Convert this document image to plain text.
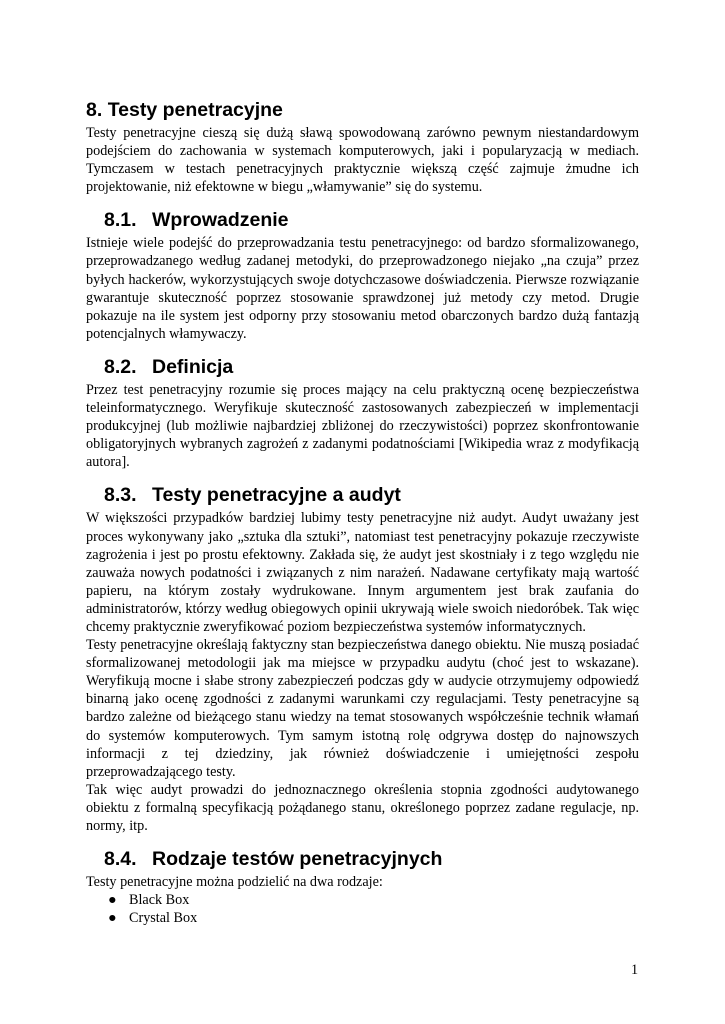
8. Testy penetracyjne

Testy penetracyjne cieszą się dużą sławą spowodowaną zarówno pewnym niestandardowym podejściem do zachowania w systemach komputerowych, jaki i popularyzacją w mediach. Tymczasem w testach penetracyjnych praktycznie większą część zajmuje żmudne ich projektowanie, niż efektowne w biegu „włamywanie” się do systemu.

8.1. Wprowadzenie

Istnieje wiele podejść do przeprowadzania testu penetracyjnego: od bardzo sformalizowanego, przeprowadzanego według zadanej metodyki, do przeprowadzonego niejako „na czuja” przez byłych hackerów, wykorzystujących swoje dotychczasowe doświadczenia. Pierwsze rozwiązanie gwarantuje skuteczność poprzez stosowanie sprawdzonej już metody czy metod. Drugie pokazuje na ile system jest odporny przy stosowaniu metod obarczonych bardzo dużą fantazją potencjalnych włamywaczy.

8.2. Definicja

Przez test penetracyjny rozumie się proces mający na celu praktyczną ocenę bezpieczeństwa teleinformatycznego. Weryfikuje skuteczność zastosowanych zabezpieczeń w implementacji produkcyjnej (lub możliwie najbardziej zbliżonej do rzeczywistości) poprzez skonfrontowanie obligatoryjnych wybranych zagrożeń z zadanymi podatnościami [Wikipedia wraz z modyfikacją autora].

8.3. Testy penetracyjne a audyt

W większości przypadków bardziej lubimy testy penetracyjne niż audyt. Audyt uważany jest proces wykonywany jako „sztuka dla sztuki”, natomiast test penetracyjny pokazuje rzeczywiste zagrożenia i jest po prostu efektowny. Zakłada się, że audyt jest skostniały i z tego względu nie zauważa nowych podatności i związanych z nim narażeń. Nadawane certyfikaty mają wartość papieru, na którym zostały wydrukowane. Innym argumentem jest brak zaufania do administratorów, którzy według obiegowych opinii ukrywają wiele swoich niedoróbek. Tak więc chcemy praktycznie zweryfikować poziom bezpieczeństwa systemów informatycznych.

Testy penetracyjne określają faktyczny stan bezpieczeństwa danego obiektu. Nie muszą posiadać sformalizowanej metodologii jak ma miejsce w przypadku audytu (choć jest to wskazane). Weryfikują mocne i słabe strony zabezpieczeń podczas gdy w audycie otrzymujemy odpowiedź binarną jako ocenę zgodności z zadanymi warunkami czy regulacjami. Testy penetracyjne są bardzo zależne od bieżącego stanu wiedzy na temat stosowanych współcześnie technik włamań do systemów komputerowych. Tym samym istotną rolę odgrywa dostęp do najnowszych informacji z tej dziedziny, jak również doświadczenie i umiejętności zespołu przeprowadzającego testy.

Tak więc audyt prowadzi do jednoznacznego określenia stopnia zgodności audytowanego obiektu z formalną specyfikacją pożądanego stanu, określonego poprzez zadane regulacje, np. normy, itp.

8.4. Rodzaje testów penetracyjnych

Testy penetracyjne można podzielić na dwa rodzaje:

● Black Box
● Crystal Box
1
